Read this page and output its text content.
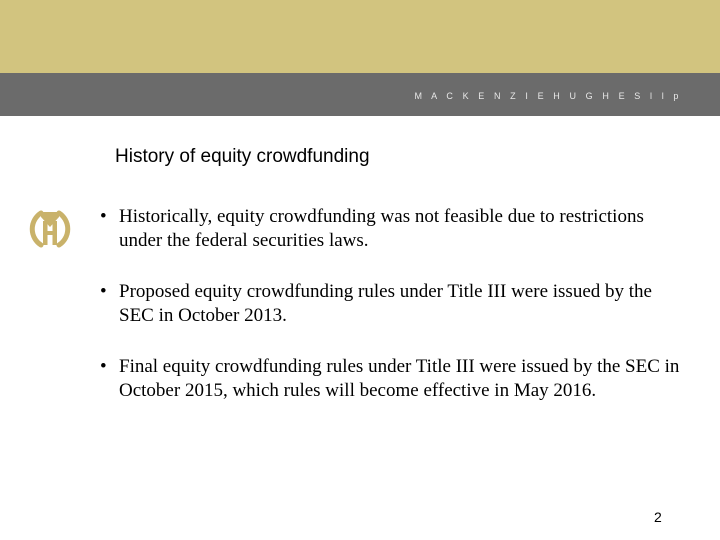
M A C K E N Z I E H U G H E S l l p
History of equity crowdfunding
• Historically, equity crowdfunding was not feasible due to restrictions under the federal securities laws.
• Proposed equity crowdfunding rules under Title III were issued by the SEC in October 2013.
• Final equity crowdfunding rules under Title III were issued by the SEC in October 2015, which rules will become effective in May 2016.
2
